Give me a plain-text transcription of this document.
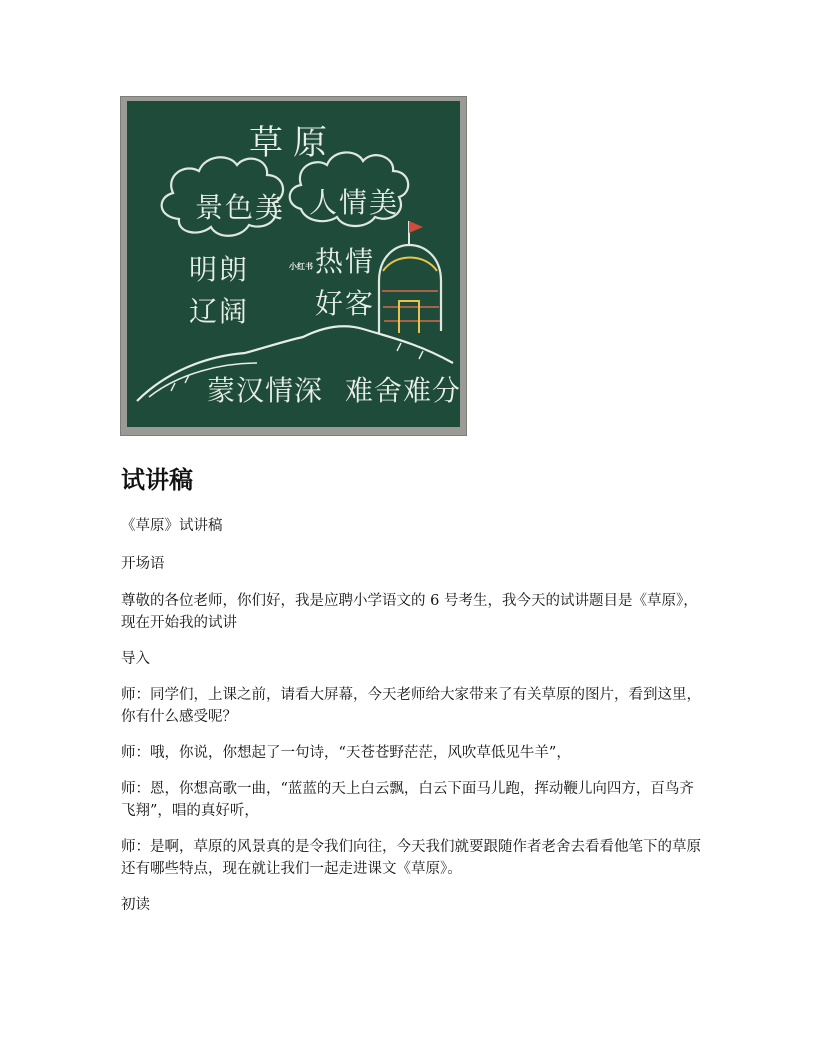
草原
景色美 人情美
明朗
辽阔
小红书 热情
好客
蒙汉情深 难舍难分
试讲稿

《草原》试讲稿

开场语

尊敬的各位老师，你们好，我是应聘小学语文的 6 号考生，我今天的试讲题目是《草原》， 现在开始我的试讲

导入

师：同学们，上课之前，请看大屏幕，今天老师给大家带来了有关草原的图片，看到这里，你有什么感受呢？

师：哦，你说，你想起了一句诗，“天苍苍野茫茫，风吹草低见牛羊”，

师：恩，你想高歌一曲，“蓝蓝的天上白云飘，白云下面马儿跑，挥动鞭儿向四方，百鸟齐飞翔”，唱的真好听，

师：是啊，草原的风景真的是令我们向往，今天我们就要跟随作者老舍去看看他笔下的草原还有哪些特点，现在就让我们一起走进课文《草原》。

初读
